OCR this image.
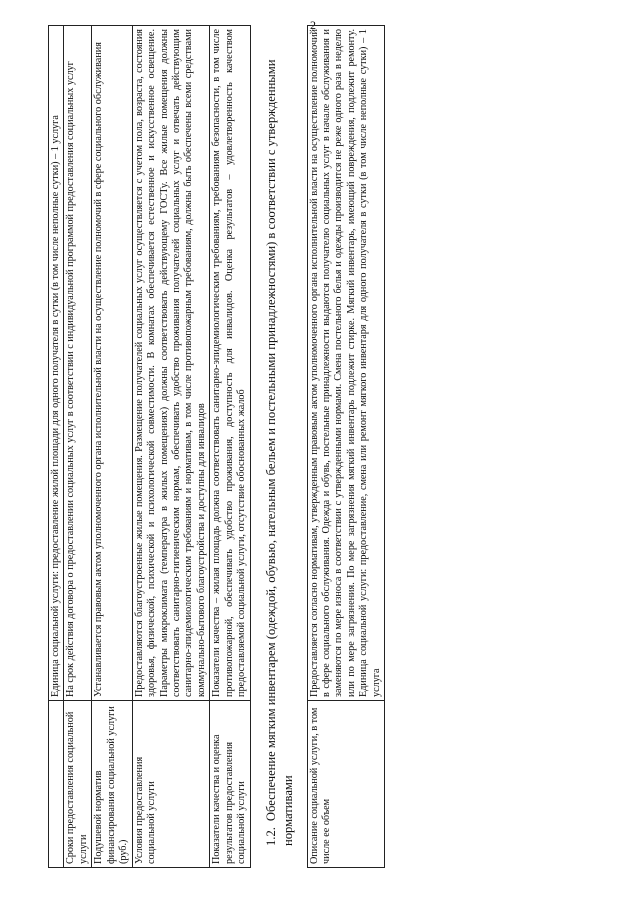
2
	Единица социальной услуги: предоставление жилой площади для одного получателя в сутки (в том числе неполные сутки) – 1 услуга
Сроки предоставления социальной услуги	На срок действия договора о предоставлении социальных услуг в соответствии с индивидуальной программой предоставления социальных услуг
Подушевой норматив финансирования социальной услуги (руб.)	Устанавливается правовым актом уполномоченного органа исполнительной власти на осуществление полномочий в сфере социального обслуживания
Условия предоставления социальной услуги	Предоставляются благоустроенные жилые помещения. Размещение получателей социальных услуг осуществляется с учетом пола, возраста, состояния здоровья, физической, психической и психологической совместимости. В комнатах обеспечивается естественное и искусственное освещение. Параметры микроклимата (температура в жилых помещениях) должны соответствовать действующему ГОСТу. Все жилые помещения должны соответствовать санитарно-гигиеническим нормам, обеспечивать удобство проживания получателей социальных услуг и отвечать действующим санитарно-эпидемиологическим требованиям и нормативам, в том числе противопожарным требованиям, должны быть обеспечены всеми средствами коммунально-бытового благоустройства и доступны для инвалидов
Показатели качества и оценка результатов предоставления социальной услуги	Показатели качества – жилая площадь должна соответствовать санитарно-эпидемиологическим требованиям, требованиям безопасности, в том числе противопожарной, обеспечивать удобство проживания, доступность для инвалидов. Оценка результатов – удовлетворенность качеством предоставляемой социальной услуги, отсутствие обоснованных жалоб
1.2.Обеспечение мягким инвентарем (одеждой, обувью, нательным бельем и постельными принадлежностями) в соответствии с утвержденными нормативами Описание социальной услуги, в том числе ее объем	Предоставляется согласно нормативам, утвержденным правовым актом уполномоченного органа исполнительной власти на осуществление полномочий в сфере социального обслуживания. Одежда и обувь, постельные принадлежности выдаются получателю социальных услуг в начале обслуживания и заменяются по мере износа в соответствии с утвержденными нормами. Смена постельного белья и одежды производится не реже одного раза в неделю или по мере загрязнения. По мере загрязнения мягкий инвентарь подлежит стирке. Мягкий инвентарь, имеющий повреждения, подлежит ремонту. Единица социальной услуги: предоставление, смена или ремонт мягкого инвентаря для одного получателя в сутки (в том числе неполные сутки) – 1 услуга
